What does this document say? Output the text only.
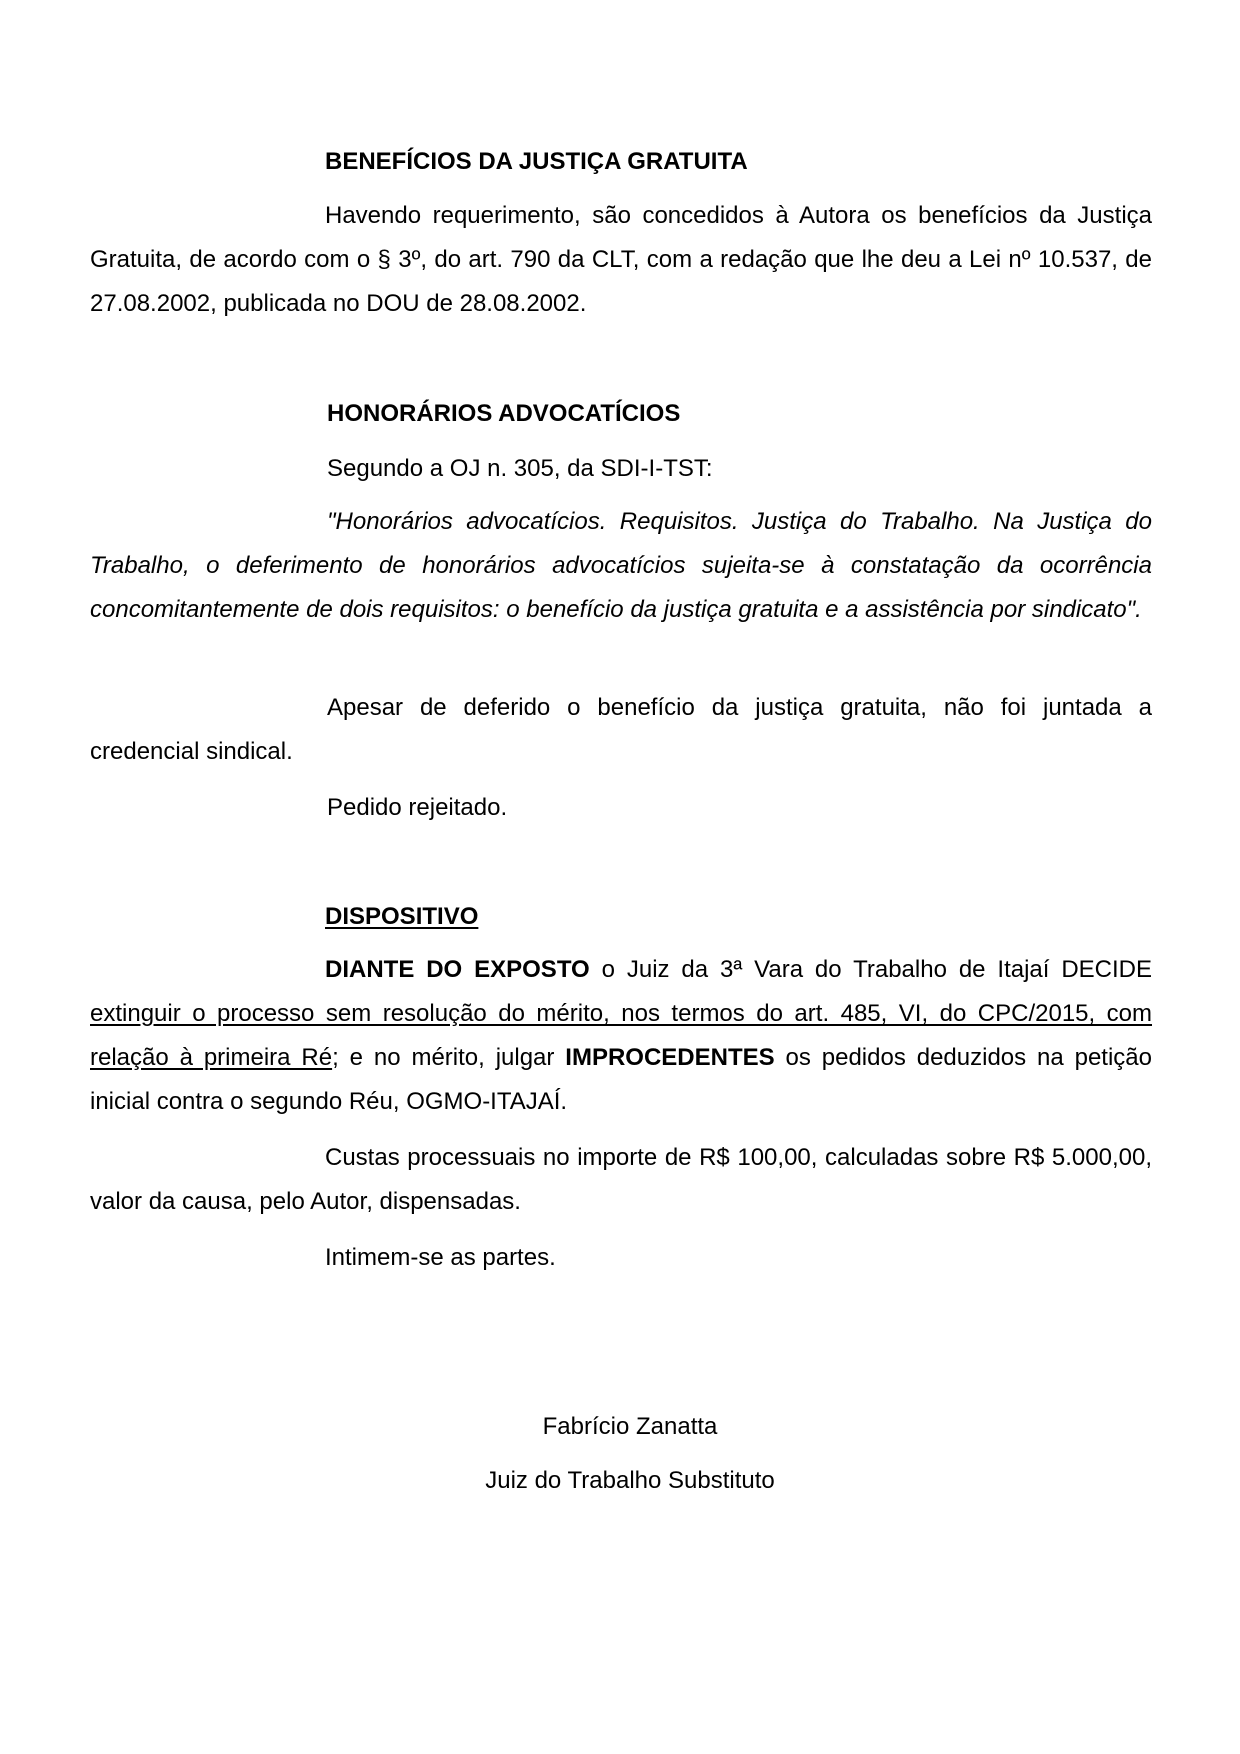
BENEFÍCIOS DA JUSTIÇA GRATUITA

Havendo requerimento, são concedidos à Autora os benefícios da Justiça Gratuita, de acordo com o § 3º, do art. 790 da CLT, com a redação que lhe deu a Lei nº 10.537, de 27.08.2002, publicada no DOU de 28.08.2002.

HONORÁRIOS ADVOCATÍCIOS

Segundo a OJ n. 305, da SDI-I-TST:

"Honorários advocatícios. Requisitos. Justiça do Trabalho. Na Justiça do Trabalho, o deferimento de honorários advocatícios sujeita-se à constatação da ocorrência concomitantemente de dois requisitos: o benefício da justiça gratuita e a assistência por sindicato".

Apesar de deferido o benefício da justiça gratuita, não foi juntada a credencial sindical.

Pedido rejeitado.

DISPOSITIVO

DIANTE DO EXPOSTO o Juiz da 3ª Vara do Trabalho de Itajaí DECIDE extinguir o processo sem resolução do mérito, nos termos do art. 485, VI, do CPC/2015, com relação à primeira Ré; e no mérito, julgar IMPROCEDENTES os pedidos deduzidos na petição inicial contra o segundo Réu, OGMO-ITAJAÍ.

Custas processuais no importe de R$ 100,00, calculadas sobre R$ 5.000,00, valor da causa, pelo Autor, dispensadas.

Intimem-se as partes.

Fabrício Zanatta

Juiz do Trabalho Substituto
